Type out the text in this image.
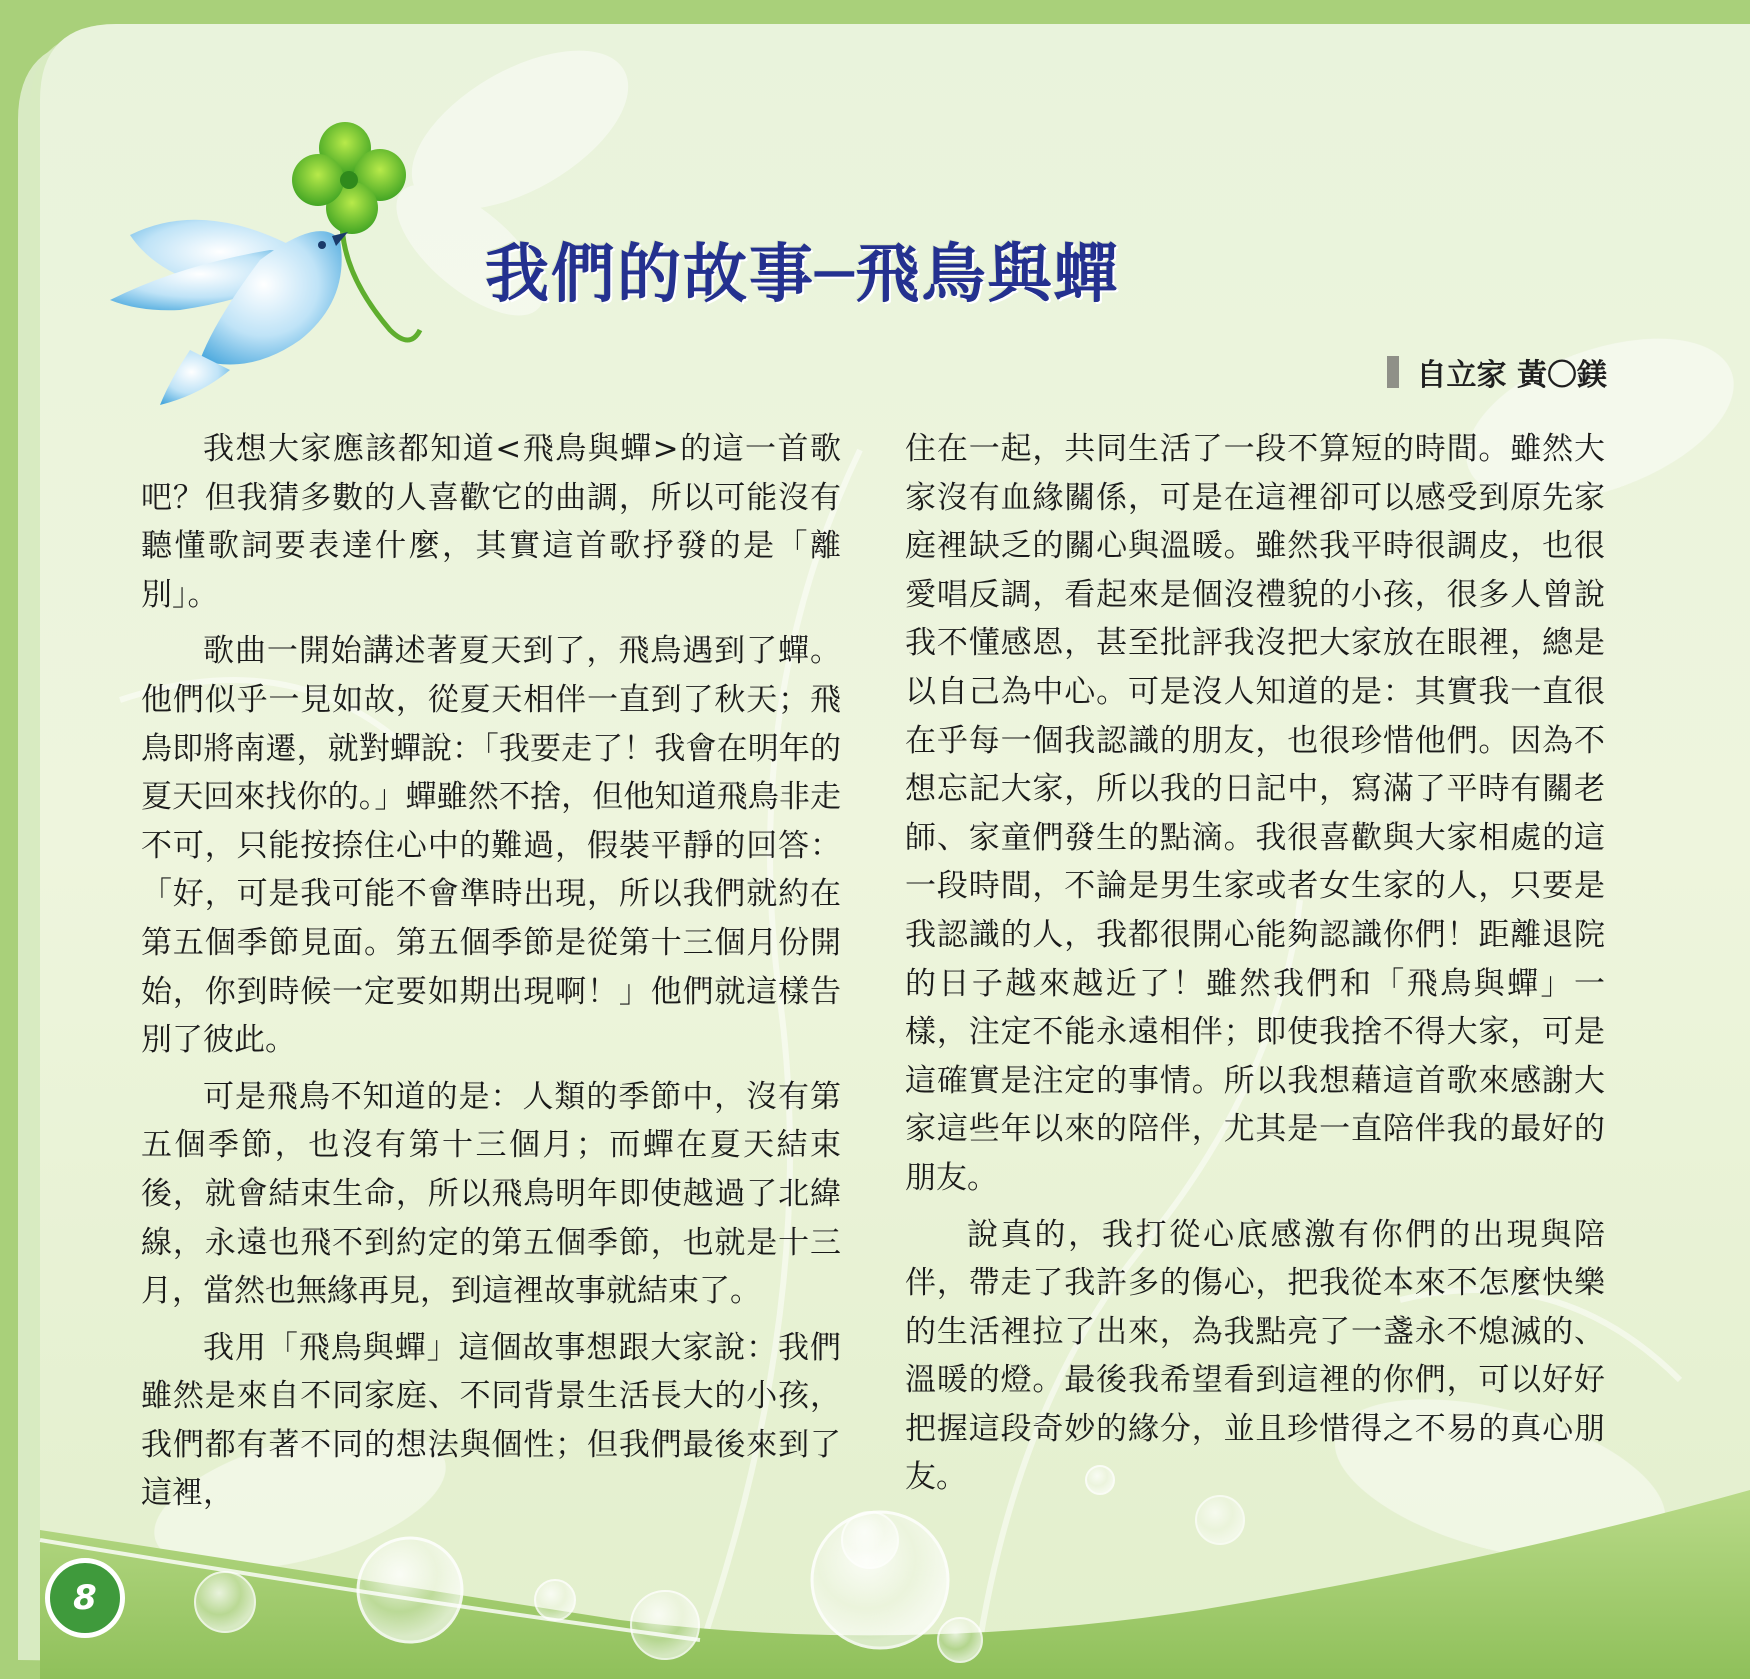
我們的故事─飛鳥與蟬
自立家 黃〇鎂

我想大家應該都知道<飛鳥與蟬>的這一首歌吧？但我猜多數的人喜歡它的曲調，所以可能沒有聽懂歌詞要表達什麼，其實這首歌抒發的是「離別」。

歌曲一開始講述著夏天到了，飛鳥遇到了蟬。他們似乎一見如故，從夏天相伴一直到了秋天；飛鳥即將南遷，就對蟬說：「我要走了！我會在明年的夏天回來找你的。」蟬雖然不捨，但他知道飛鳥非走不可，只能按捺住心中的難過，假裝平靜的回答：「好，可是我可能不會準時出現，所以我們就約在第五個季節見面。第五個季節是從第十三個月份開始，你到時候一定要如期出現啊！」他們就這樣告別了彼此。

可是飛鳥不知道的是：人類的季節中，沒有第五個季節，也沒有第十三個月；而蟬在夏天結束後，就會結束生命，所以飛鳥明年即使越過了北緯線，永遠也飛不到約定的第五個季節，也就是十三月，當然也無緣再見，到這裡故事就結束了。

我用「飛鳥與蟬」這個故事想跟大家說：我們雖然是來自不同家庭、不同背景生活長大的小孩，我們都有著不同的想法與個性；但我們最後來到了這裡，

住在一起，共同生活了一段不算短的時間。雖然大家沒有血緣關係，可是在這裡卻可以感受到原先家庭裡缺乏的關心與溫暖。雖然我平時很調皮，也很愛唱反調，看起來是個沒禮貌的小孩，很多人曾說我不懂感恩，甚至批評我沒把大家放在眼裡，總是以自己為中心。可是沒人知道的是：其實我一直很在乎每一個我認識的朋友，也很珍惜他們。因為不想忘記大家，所以我的日記中，寫滿了平時有關老師、家童們發生的點滴。我很喜歡與大家相處的這一段時間，不論是男生家或者女生家的人，只要是我認識的人，我都很開心能夠認識你們！距離退院的日子越來越近了！雖然我們和「飛鳥與蟬」一樣，注定不能永遠相伴；即使我捨不得大家，可是這確實是注定的事情。所以我想藉這首歌來感謝大家這些年以來的陪伴，尤其是一直陪伴我的最好的朋友。

說真的，我打從心底感激有你們的出現與陪伴，帶走了我許多的傷心，把我從本來不怎麼快樂的生活裡拉了出來，為我點亮了一盞永不熄滅的、溫暖的燈。最後我希望看到這裡的你們，可以好好把握這段奇妙的緣分，並且珍惜得之不易的真心朋友。

8
